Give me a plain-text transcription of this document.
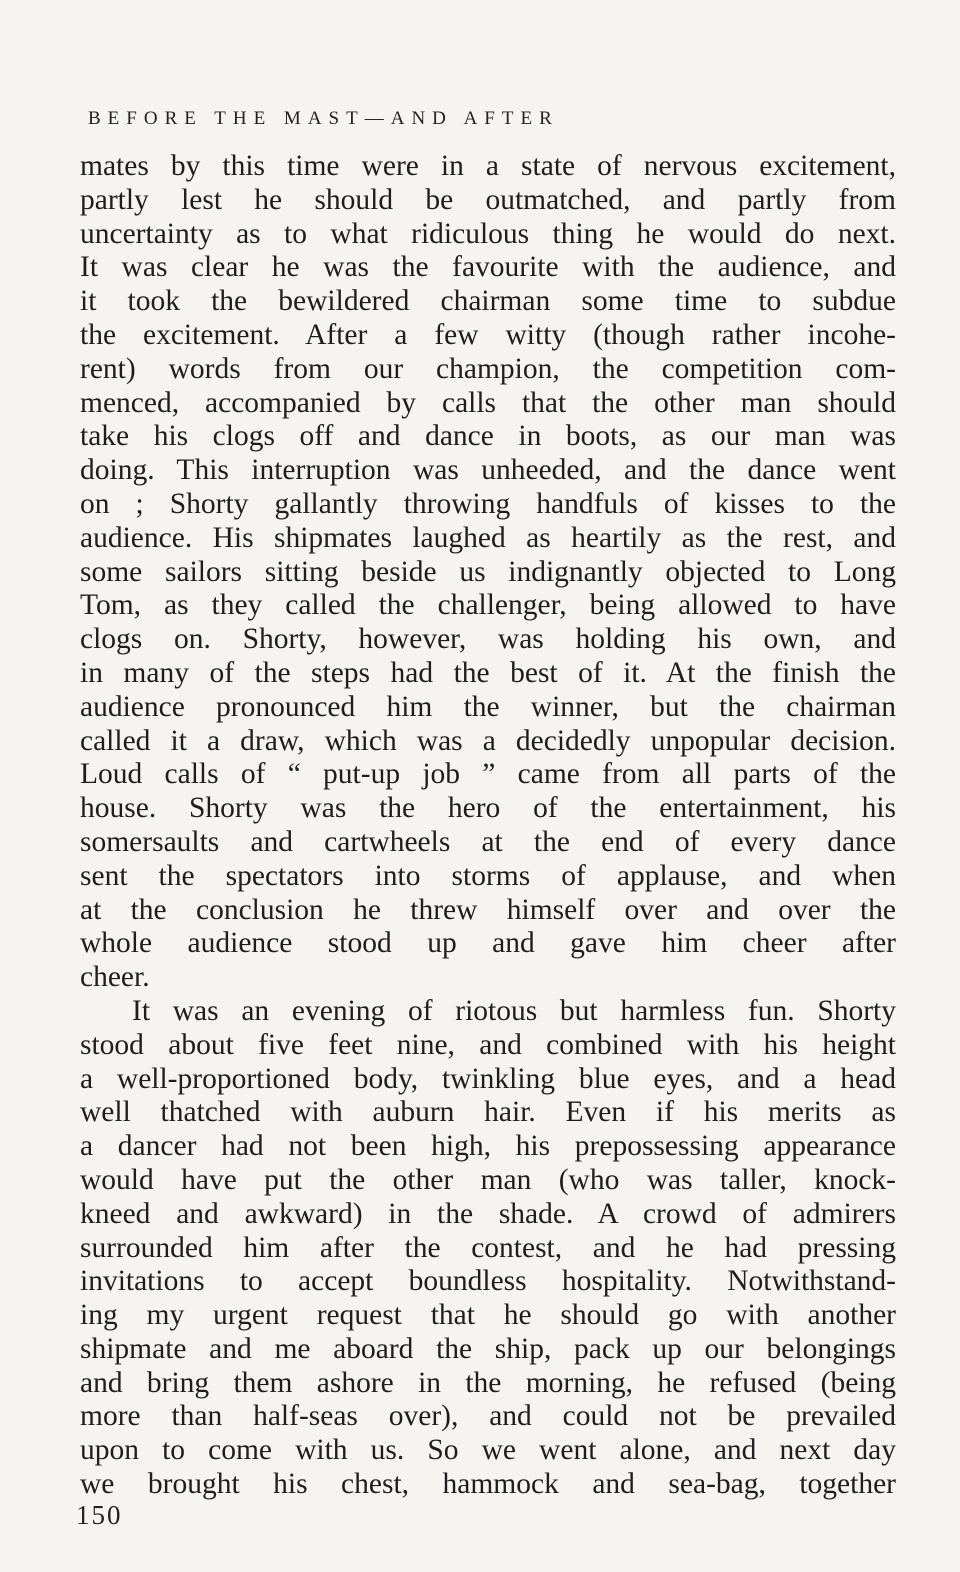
BEFORE THE MAST—AND AFTER
mates by this time were in a state of nervous excitement,
partly lest he should be outmatched, and partly from
uncertainty as to what ridiculous thing he would do next.
It was clear he was the favourite with the audience, and
it took the bewildered chairman some time to subdue
the excitement. After a few witty (though rather incohe-
rent) words from our champion, the competition com-
menced, accompanied by calls that the other man should
take his clogs off and dance in boots, as our man was
doing. This interruption was unheeded, and the dance went
on ; Shorty gallantly throwing handfuls of kisses to the
audience. His shipmates laughed as heartily as the rest, and
some sailors sitting beside us indignantly objected to Long
Tom, as they called the challenger, being allowed to have
clogs on. Shorty, however, was holding his own, and
in many of the steps had the best of it. At the finish the
audience pronounced him the winner, but the chairman
called it a draw, which was a decidedly unpopular decision.
Loud calls of “ put-up job ” came from all parts of the
house. Shorty was the hero of the entertainment, his
somersaults and cartwheels at the end of every dance
sent the spectators into storms of applause, and when
at the conclusion he threw himself over and over the
whole audience stood up and gave him cheer after
cheer.
It was an evening of riotous but harmless fun. Shorty
stood about five feet nine, and combined with his height
a well-proportioned body, twinkling blue eyes, and a head
well thatched with auburn hair. Even if his merits as
a dancer had not been high, his prepossessing appearance
would have put the other man (who was taller, knock-
kneed and awkward) in the shade. A crowd of admirers
surrounded him after the contest, and he had pressing
invitations to accept boundless hospitality. Notwithstand-
ing my urgent request that he should go with another
shipmate and me aboard the ship, pack up our belongings
and bring them ashore in the morning, he refused (being
more than half-seas over), and could not be prevailed
upon to come with us. So we went alone, and next day
we brought his chest, hammock and sea-bag, together
150
